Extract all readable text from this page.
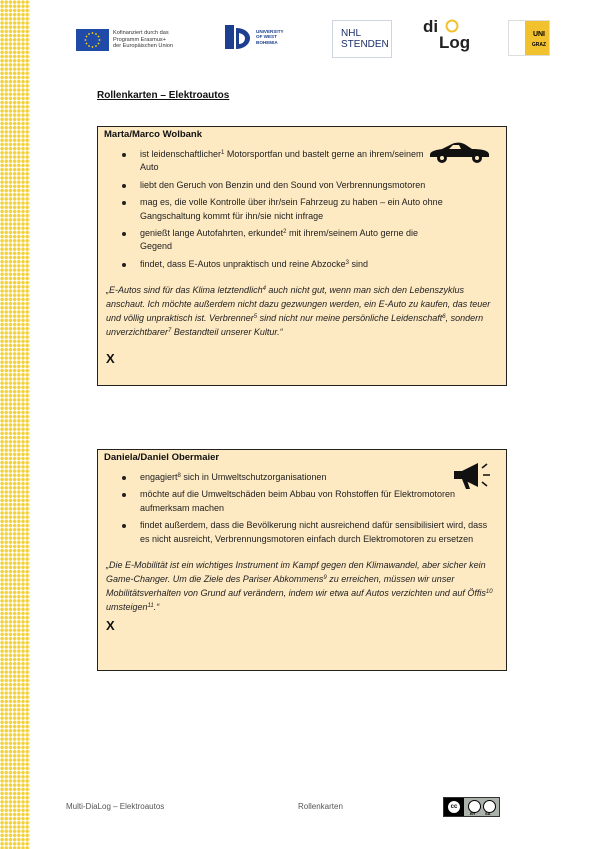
Kofinanziert durch das
Programm Erasmus+
der Europäischen Union
UNIVERSITY
OF WEST
BOHEMIA
NHL
STENDEN
di
Log	UNI
GRAZ
Rollenkarten – Elektroautos

Marta/Marco Wolbank

ist leidenschaftlicher$^1$ Motorsportfan und bastelt gerne an ihrem/seinem Auto
liebt den Geruch von Benzin und den Sound von Verbrennungsmotoren
mag es, die volle Kontrolle über ihr/sein Fahrzeug zu haben – ein Auto ohne Gangschaltung kommt für ihn/sie nicht infrage
genießt lange Autofahrten, erkundet$^2$ mit ihrem/seinem Auto gerne die Gegend
findet, dass E-Autos unpraktisch und reine Abzocke$^3$ sind

„E-Autos sind für das Klima letztendlich$^4$ auch nicht gut, wenn man sich den Lebenszyklus anschaut. Ich möchte außerdem nicht dazu gezwungen werden, ein E-Auto zu kaufen, das teuer und völlig unpraktisch ist. Verbrenner$^5$ sind nicht nur meine persönliche Leidenschaft$^6$, sondern unverzichtbarer$^7$ Bestandteil unserer Kultur.“

X

Daniela/Daniel Obermaier

engagiert$^8$ sich in Umweltschutzorganisationen
möchte auf die Umweltschäden beim Abbau von Rohstoffen für Elektromotoren aufmerksam machen
findet außerdem, dass die Bevölkerung nicht ausreichend dafür sensibilisiert wird, dass es nicht ausreicht, Verbrennungsmotoren einfach durch Elektromotoren zu ersetzen

„Die E-Mobilität ist ein wichtiges Instrument im Kampf gegen den Klimawandel, aber sicher kein Game-Changer. Um die Ziele des Pariser Abkommens$^9$ zu erreichen, müssen wir unser Mobilitätsverhalten von Grund auf verändern, indem wir etwa auf Autos verzichten und auf Öffis$^{10}$ umsteigen$^{11}$.“

X
Multi-DiaLog – Elektroautos	Rollenkarten	cc
BY SA
